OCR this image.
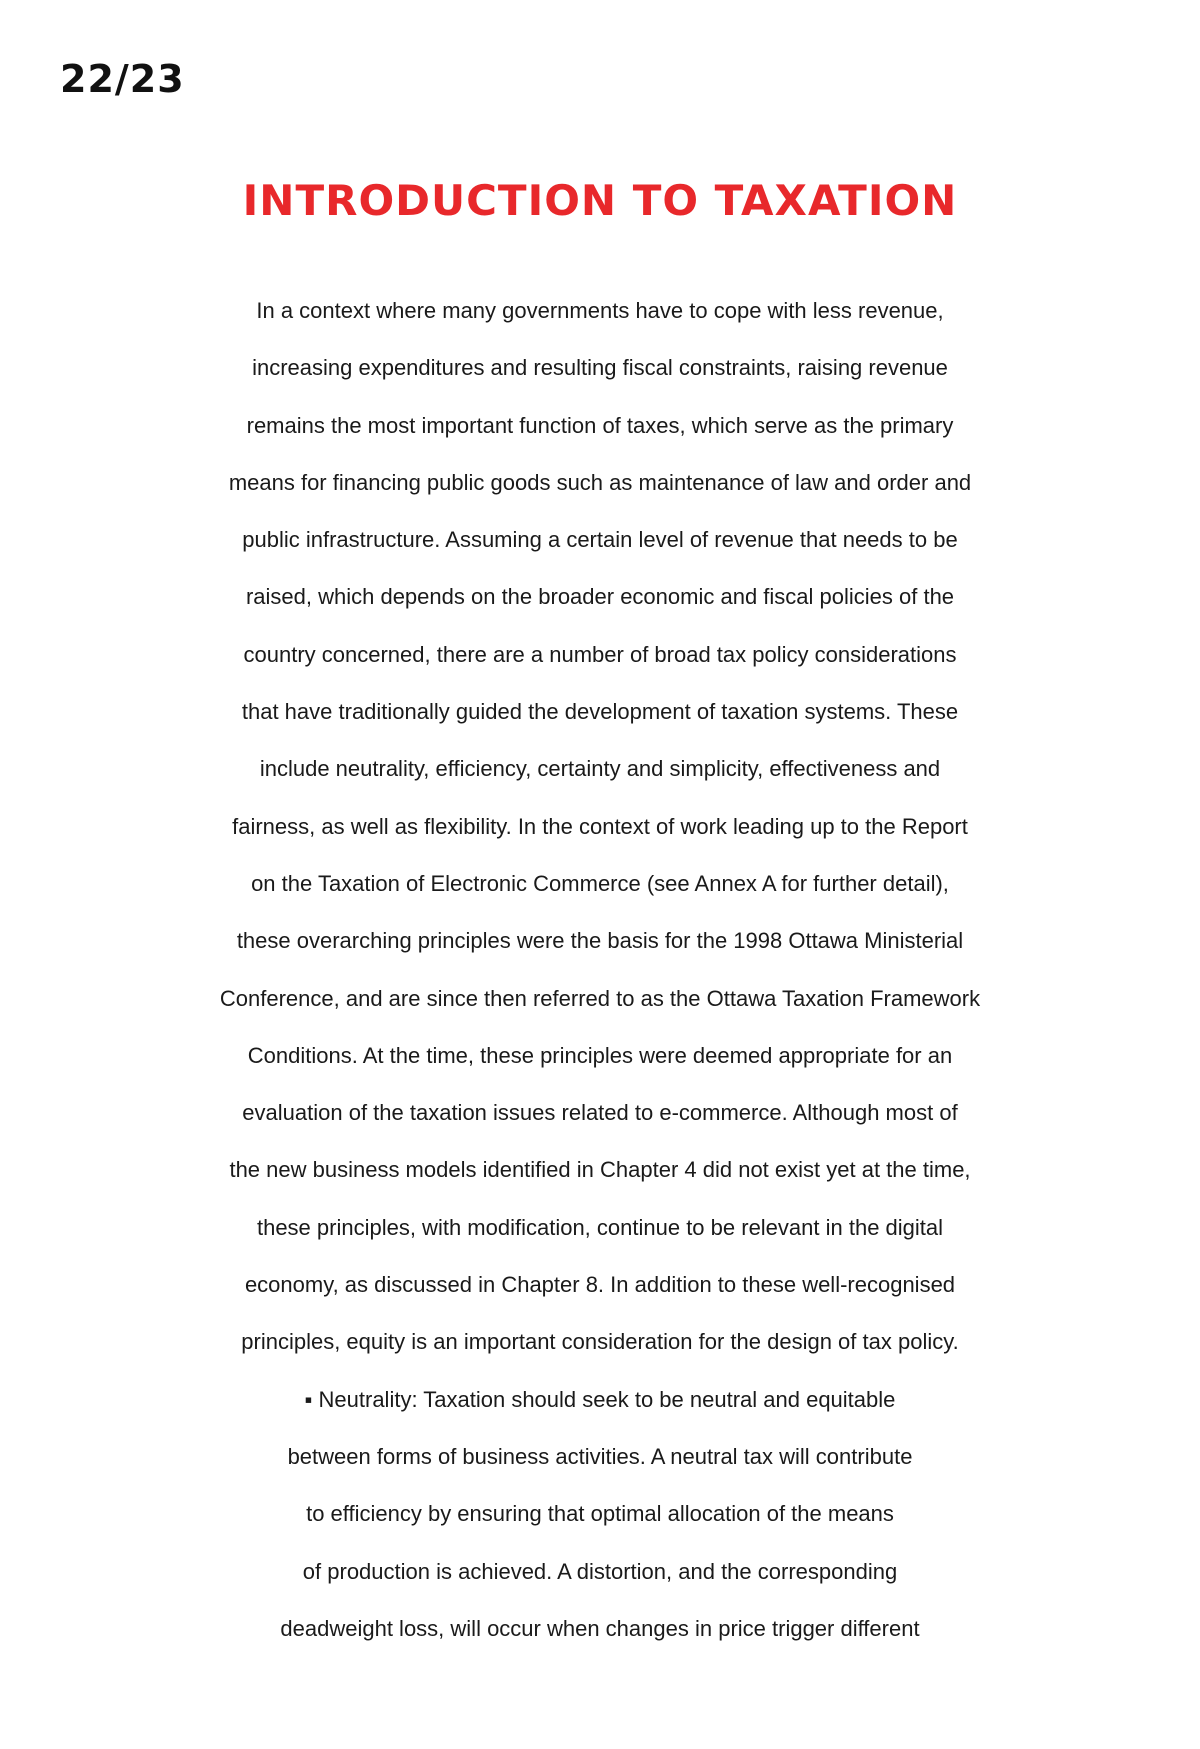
22/23
INTRODUCTION TO TAXATION
In a context where many governments have to cope with less revenue,
increasing expenditures and resulting fiscal constraints, raising revenue
remains the most important function of taxes, which serve as the primary
means for financing public goods such as maintenance of law and order and
public infrastructure. Assuming a certain level of revenue that needs to be
raised, which depends on the broader economic and fiscal policies of the
country concerned, there are a number of broad tax policy considerations
that have traditionally guided the development of taxation systems. These
include neutrality, efficiency, certainty and simplicity, effectiveness and
fairness, as well as flexibility. In the context of work leading up to the Report
on the Taxation of Electronic Commerce (see Annex A for further detail),
these overarching principles were the basis for the 1998 Ottawa Ministerial
Conference, and are since then referred to as the Ottawa Taxation Framework
Conditions. At the time, these principles were deemed appropriate for an
evaluation of the taxation issues related to e-commerce. Although most of
the new business models identified in Chapter 4 did not exist yet at the time,
these principles, with modification, continue to be relevant in the digital
economy, as discussed in Chapter 8. In addition to these well-recognised
principles, equity is an important consideration for the design of tax policy.
▪ Neutrality: Taxation should seek to be neutral and equitable
between forms of business activities. A neutral tax will contribute
to efficiency by ensuring that optimal allocation of the means
of production is achieved. A distortion, and the corresponding
deadweight loss, will occur when changes in price trigger different
